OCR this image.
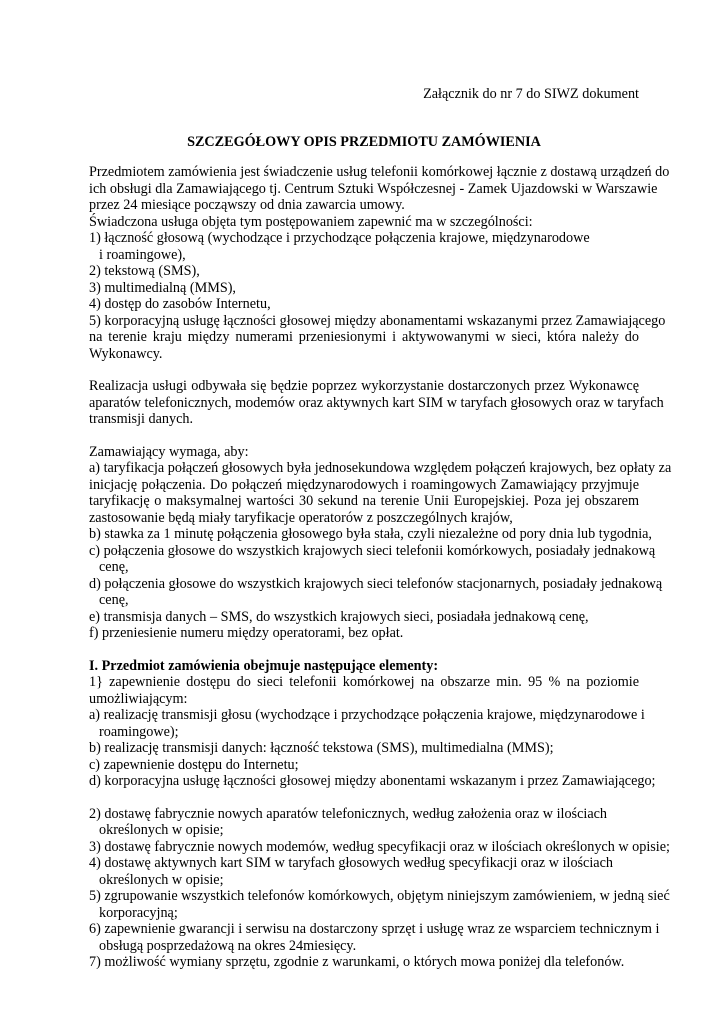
Załącznik do nr 7 do SIWZ dokument
SZCZEGÓŁOWY OPIS PRZEDMIOTU ZAMÓWIENIA
Przedmiotem zamówienia jest świadczenie usług telefonii komórkowej łącznie z dostawą urządzeń do
ich obsługi dla Zamawiającego tj. Centrum Sztuki Współczesnej - Zamek Ujazdowski w Warszawie
przez 24 miesiące począwszy od dnia zawarcia umowy.
Świadczona usługa objęta tym postępowaniem zapewnić ma w szczególności:
1) łączność głosową (wychodzące i przychodzące połączenia krajowe, międzynarodowe
i roamingowe),
2) tekstową (SMS),
3) multimedialną (MMS),
4) dostęp do zasobów Internetu,
5) korporacyjną usługę łączności głosowej między abonamentami wskazanymi przez Zamawiającego
na terenie kraju między numerami przeniesionymi i aktywowanymi w sieci, która należy do
Wykonawcy.
Realizacja usługi odbywała się będzie poprzez wykorzystanie dostarczonych przez Wykonawcę
aparatów telefonicznych, modemów oraz aktywnych kart SIM w taryfach głosowych oraz w taryfach
transmisji danych.
Zamawiający wymaga, aby:
a) taryfikacja połączeń głosowych była jednosekundowa względem połączeń krajowych, bez opłaty za
inicjację połączenia. Do połączeń międzynarodowych i roamingowych Zamawiający przyjmuje
taryfikację o maksymalnej wartości 30 sekund na terenie Unii Europejskiej. Poza jej obszarem
zastosowanie będą miały taryfikacje operatorów z poszczególnych krajów,
b) stawka za 1 minutę połączenia głosowego była stała, czyli niezależne od pory dnia lub tygodnia,
c) połączenia głosowe do wszystkich krajowych sieci telefonii komórkowych, posiadały jednakową
cenę,
d) połączenia głosowe do wszystkich krajowych sieci telefonów stacjonarnych, posiadały jednakową
cenę,
e) transmisja danych – SMS, do wszystkich krajowych sieci, posiadała jednakową cenę,
f) przeniesienie numeru między operatorami, bez opłat.
I. Przedmiot zamówienia obejmuje następujące elementy:
1} zapewnienie dostępu do sieci telefonii komórkowej na obszarze min. 95 % na poziomie
umożliwiającym:
a) realizację transmisji głosu (wychodzące i przychodzące połączenia krajowe, międzynarodowe i
roamingowe);
b) realizację transmisji danych: łączność tekstowa (SMS), multimedialna (MMS);
c) zapewnienie dostępu do Internetu;
d) korporacyjna usługę łączności głosowej między abonentami wskazanym i przez Zamawiającego;
2) dostawę fabrycznie nowych aparatów telefonicznych, według założenia oraz w ilościach
określonych w opisie;
3) dostawę fabrycznie nowych modemów, według specyfikacji oraz w ilościach określonych w opisie;
4) dostawę aktywnych kart SIM w taryfach głosowych według specyfikacji oraz w ilościach
określonych w opisie;
5) zgrupowanie wszystkich telefonów komórkowych, objętym niniejszym zamówieniem, w jedną sieć
korporacyjną;
6) zapewnienie gwarancji i serwisu na dostarczony sprzęt i usługę wraz ze wsparciem technicznym i
obsługą posprzedażową na okres 24miesięcy.
7) możliwość wymiany sprzętu, zgodnie z warunkami, o których mowa poniżej dla telefonów.
